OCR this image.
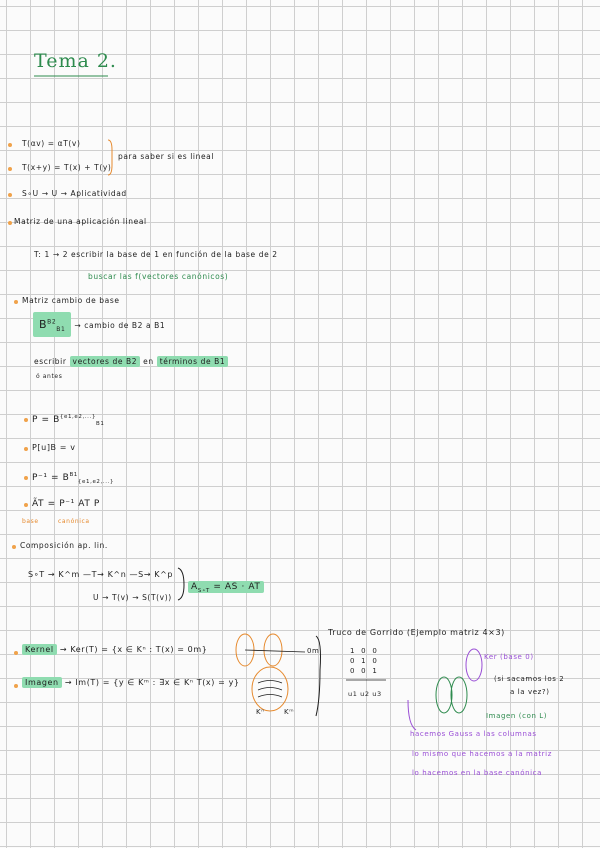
Tema 2.
T(αv) = αT(v)
T(x+y) = T(x) + T(y)
para saber si es lineal
S∘U → U → Aplicatividad
Matriz de una aplicación lineal
T: 1 → 2 escribir la base de 1 en función de la base de 2
buscar las f(vectores canónicos)
Matriz cambio de base
$B^{B2}_{B1}$ → cambio de B2 a B1
escribir vectores de B2 en términos de B1
ó antes
$P = B^{\{e1,e2,...\}}_{B1}$
P[u]B = v
$P^{-1} = B^{B1}_{\{e1,e2,...\}}$
ÃT = P⁻¹ AT P
base	canónica
Composición ap. lin.
S∘T → K^m —T→ K^n —S→ K^p
U → T(v) → S(T(v))
$A_{S\circ T}$ = AS · AT
Kernel → Ker(T) = {x ∈ Kⁿ : T(x) = 0m}	0m
Imagen → Im(T) = {y ∈ Kᵐ : ∃x ∈ Kⁿ T(x) = y}
Kⁿ	Kᵐ
Truco de Gorrido (Ejemplo matriz 4×3)
1 0 0
0 1 0
0 0 1
u1 u2 u3
Ker (base 0)
(si sacamos los 2
a la vez?)
Imagen (con L)
hacemos Gauss a las columnas
lo mismo que hacemos a la matriz
lo hacemos en la base canónica
